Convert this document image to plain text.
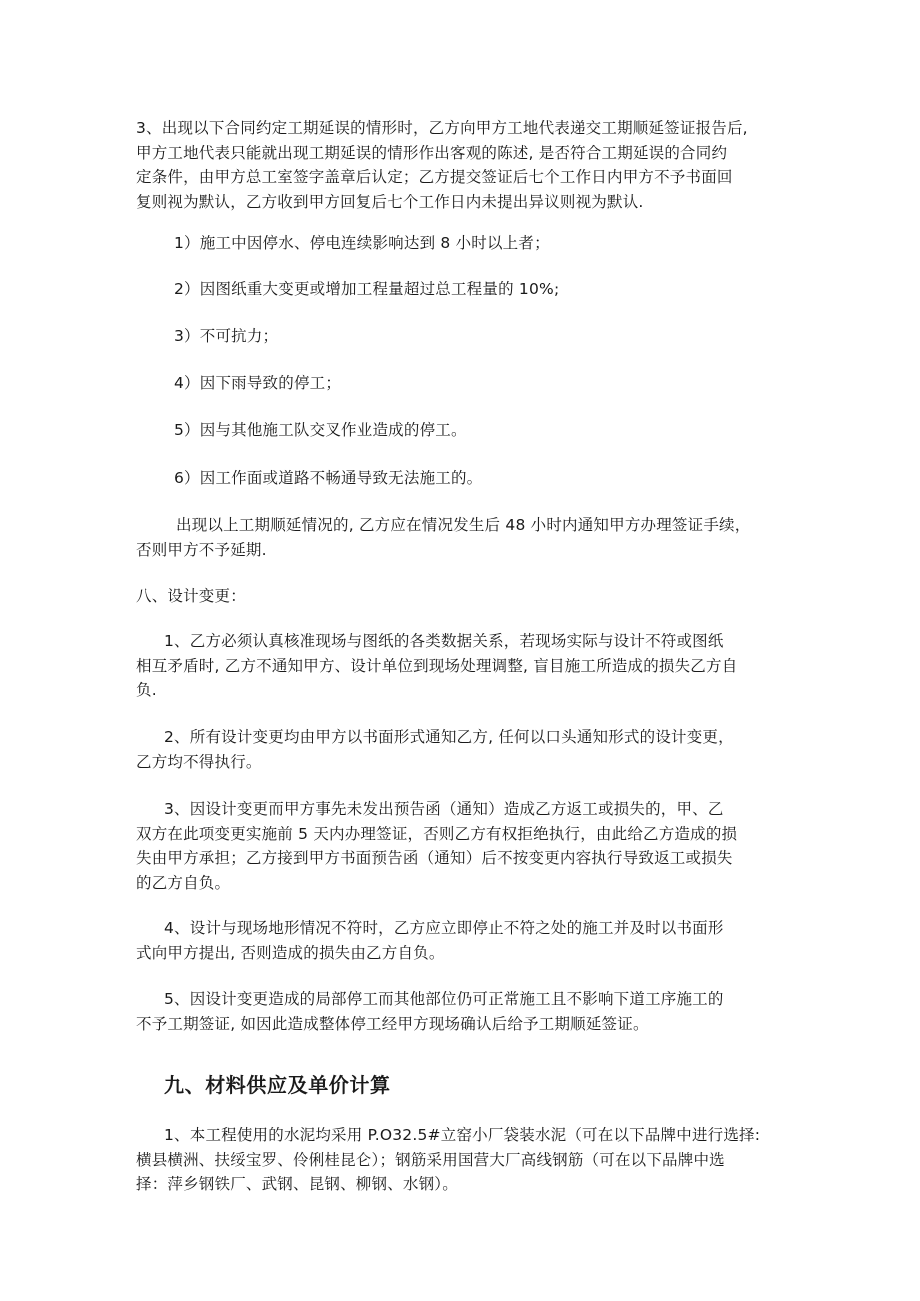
3、出现以下合同约定工期延误的情形时，乙方向甲方工地代表递交工期顺延签证报告后,
甲方工地代表只能就出现工期延误的情形作出客观的陈述, 是否符合工期延误的合同约
定条件，由甲方总工室签字盖章后认定；乙方提交签证后七个工作日内甲方不予书面回
复则视为默认，乙方收到甲方回复后七个工作日内未提出异议则视为默认.

1）施工中因停水、停电连续影响达到 8 小时以上者；

2）因图纸重大变更或增加工程量超过总工程量的 10%;

3）不可抗力；

4）因下雨导致的停工；

5）因与其他施工队交叉作业造成的停工。

6）因工作面或道路不畅通导致无法施工的。

出现以上工期顺延情况的, 乙方应在情况发生后 48 小时内通知甲方办理签证手续，
否则甲方不予延期.

八、设计变更：

1、乙方必须认真核准现场与图纸的各类数据关系，若现场实际与设计不符或图纸
相互矛盾时, 乙方不通知甲方、设计单位到现场处理调整, 盲目施工所造成的损失乙方自
负.

2、所有设计变更均由甲方以书面形式通知乙方, 任何以口头通知形式的设计变更，
乙方均不得执行。

3、因设计变更而甲方事先未发出预告函（通知）造成乙方返工或损失的，甲、乙
双方在此项变更实施前 5 天内办理签证，否则乙方有权拒绝执行，由此给乙方造成的损
失由甲方承担；乙方接到甲方书面预告函（通知）后不按变更内容执行导致返工或损失
的乙方自负。

4、设计与现场地形情况不符时，乙方应立即停止不符之处的施工并及时以书面形
式向甲方提出, 否则造成的损失由乙方自负。

5、因设计变更造成的局部停工而其他部位仍可正常施工且不影响下道工序施工的
不予工期签证, 如因此造成整体停工经甲方现场确认后给予工期顺延签证。

九、材料供应及单价计算

1、本工程使用的水泥均采用 P.O32.5#立窑小厂袋装水泥（可在以下品牌中进行选择:
横县横洲、扶绥宝罗、伶俐桂昆仑）；钢筋采用国营大厂高线钢筋（可在以下品牌中选
择：萍乡钢铁厂、武钢、昆钢、柳钢、水钢）。
